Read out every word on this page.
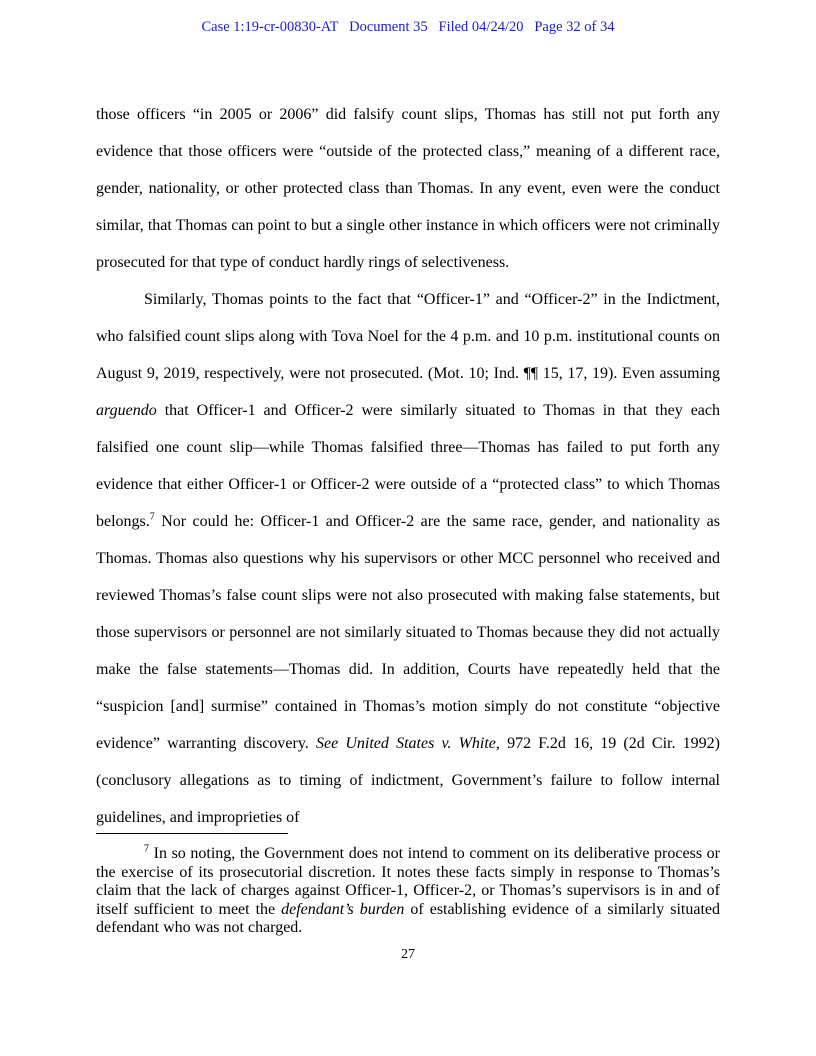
Case 1:19-cr-00830-AT   Document 35   Filed 04/24/20   Page 32 of 34

those officers “in 2005 or 2006” did falsify count slips, Thomas has still not put forth any evidence that those officers were “outside of the protected class,” meaning of a different race, gender, nationality, or other protected class than Thomas. In any event, even were the conduct similar, that Thomas can point to but a single other instance in which officers were not criminally prosecuted for that type of conduct hardly rings of selectiveness.

Similarly, Thomas points to the fact that “Officer-1” and “Officer-2” in the Indictment, who falsified count slips along with Tova Noel for the 4 p.m. and 10 p.m. institutional counts on August 9, 2019, respectively, were not prosecuted. (Mot. 10; Ind. ¶¶ 15, 17, 19). Even assuming arguendo that Officer-1 and Officer-2 were similarly situated to Thomas in that they each falsified one count slip—while Thomas falsified three—Thomas has failed to put forth any evidence that either Officer-1 or Officer-2 were outside of a “protected class” to which Thomas belongs.$^7$ Nor could he: Officer-1 and Officer-2 are the same race, gender, and nationality as Thomas. Thomas also questions why his supervisors or other MCC personnel who received and reviewed Thomas’s false count slips were not also prosecuted with making false statements, but those supervisors or personnel are not similarly situated to Thomas because they did not actually make the false statements—Thomas did. In addition, Courts have repeatedly held that the “suspicion [and] surmise” contained in Thomas’s motion simply do not constitute “objective evidence” warranting discovery. See United States v. White, 972 F.2d 16, 19 (2d Cir. 1992) (conclusory allegations as to timing of indictment, Government’s failure to follow internal guidelines, and improprieties of

$^7$ In so noting, the Government does not intend to comment on its deliberative process or the exercise of its prosecutorial discretion. It notes these facts simply in response to Thomas’s claim that the lack of charges against Officer-1, Officer-2, or Thomas’s supervisors is in and of itself sufficient to meet the defendant’s burden of establishing evidence of a similarly situated defendant who was not charged.
27
